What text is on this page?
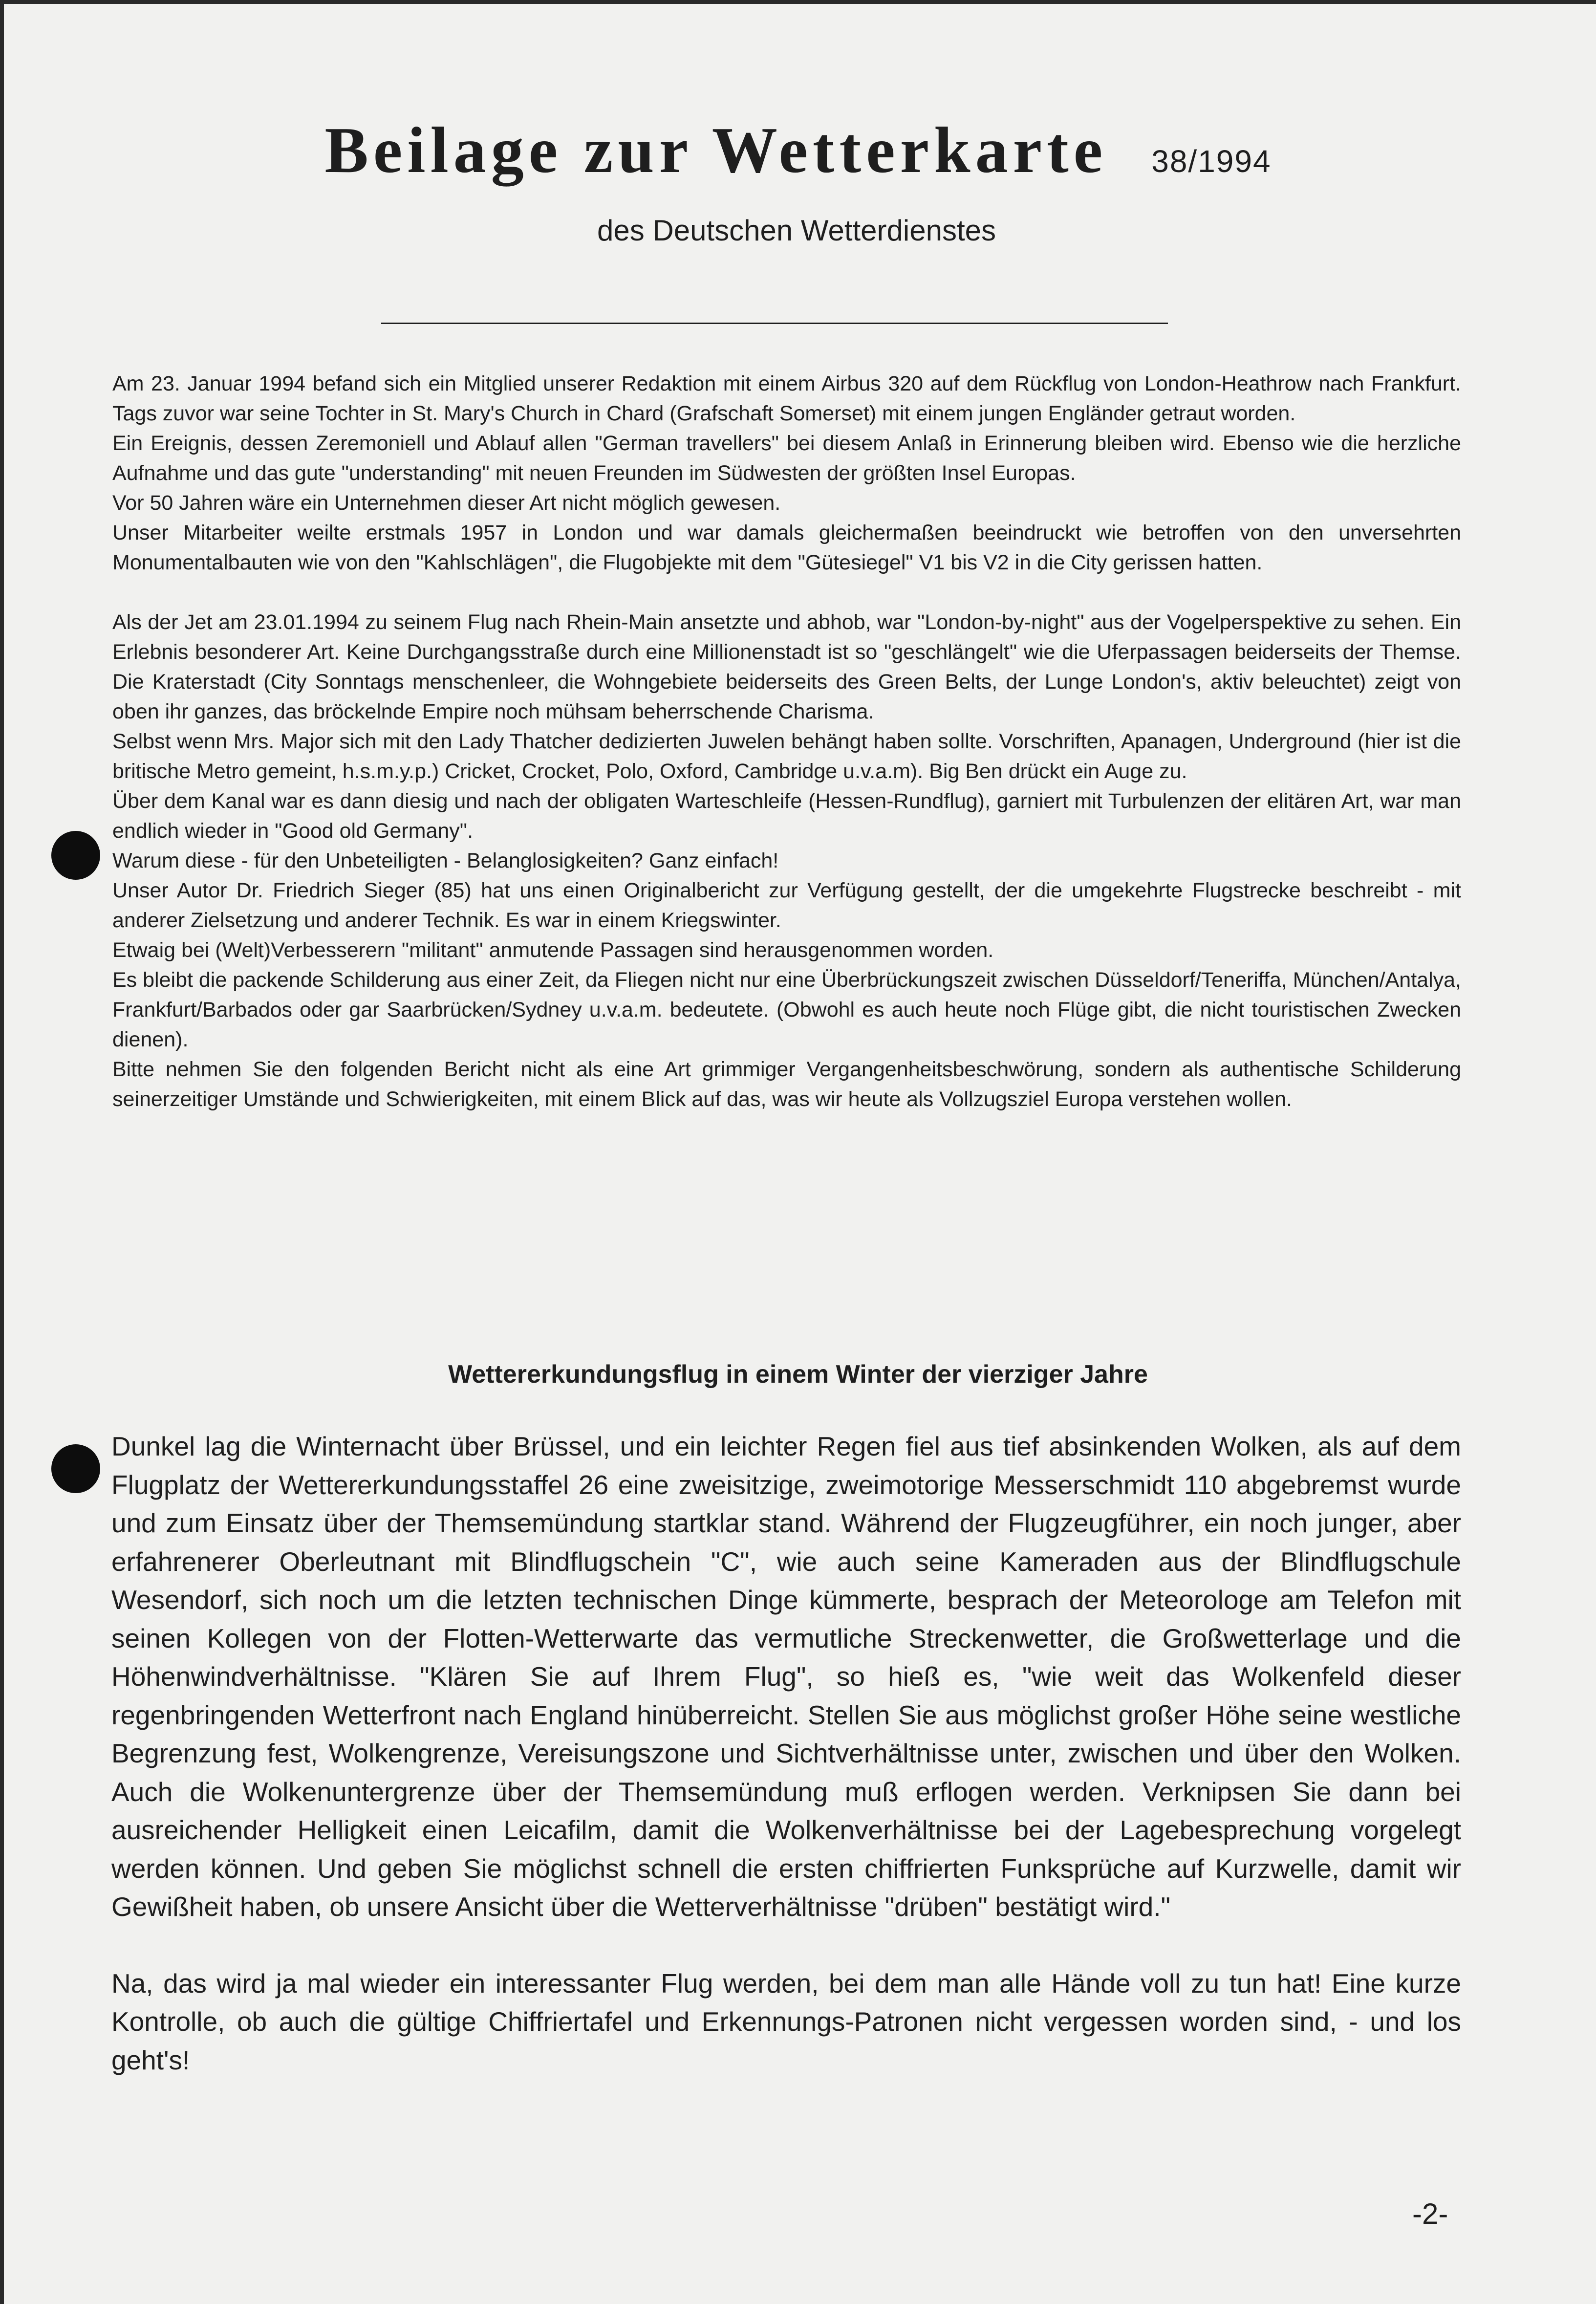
Beilage zur Wetterkarte 38/1994
des Deutschen Wetterdienstes

Am 23. Januar 1994 befand sich ein Mitglied unserer Redaktion mit einem Airbus 320 auf dem Rückflug von London-Heathrow nach Frankfurt. Tags zuvor war seine Tochter in St. Mary's Church in Chard (Grafschaft Somerset) mit einem jungen Engländer getraut worden.

Ein Ereignis, dessen Zeremoniell und Ablauf allen "German travellers" bei diesem Anlaß in Erinnerung bleiben wird. Ebenso wie die herzliche Aufnahme und das gute "understanding" mit neuen Freunden im Südwesten der größten Insel Europas.

Vor 50 Jahren wäre ein Unternehmen dieser Art nicht möglich gewesen.

Unser Mitarbeiter weilte erstmals 1957 in London und war damals gleichermaßen beeindruckt wie betroffen von den unversehrten Monumentalbauten wie von den "Kahlschlägen", die Flugobjekte mit dem "Gütesiegel" V1 bis V2 in die City gerissen hatten.

Als der Jet am 23.01.1994 zu seinem Flug nach Rhein-Main ansetzte und abhob, war "London-by-night" aus der Vogelperspektive zu sehen. Ein Erlebnis besonderer Art. Keine Durchgangsstraße durch eine Millionenstadt ist so "geschlängelt" wie die Uferpassagen beiderseits der Themse. Die Kraterstadt (City Sonntags menschenleer, die Wohngebiete beiderseits des Green Belts, der Lunge London's, aktiv beleuchtet) zeigt von oben ihr ganzes, das bröckelnde Empire noch mühsam beherrschende Charisma.

Selbst wenn Mrs. Major sich mit den Lady Thatcher dedizierten Juwelen behängt haben sollte. Vorschriften, Apanagen, Underground (hier ist die britische Metro gemeint, h.s.m.y.p.) Cricket, Crocket, Polo, Oxford, Cambridge u.v.a.m). Big Ben drückt ein Auge zu.

Über dem Kanal war es dann diesig und nach der obligaten Warteschleife (Hessen-Rundflug), garniert mit Turbulenzen der elitären Art, war man endlich wieder in "Good old Germany".

Warum diese - für den Unbeteiligten - Belanglosigkeiten? Ganz einfach!

Unser Autor Dr. Friedrich Sieger (85) hat uns einen Originalbericht zur Verfügung gestellt, der die umgekehrte Flugstrecke beschreibt - mit anderer Zielsetzung und anderer Technik. Es war in einem Kriegswinter.

Etwaig bei (Welt)Verbesserern "militant" anmutende Passagen sind herausgenommen worden.

Es bleibt die packende Schilderung aus einer Zeit, da Fliegen nicht nur eine Überbrückungszeit zwischen Düsseldorf/Teneriffa, München/Antalya, Frankfurt/Barbados oder gar Saarbrücken/Sydney u.v.a.m. bedeutete. (Obwohl es auch heute noch Flüge gibt, die nicht touristischen Zwecken dienen).

Bitte nehmen Sie den folgenden Bericht nicht als eine Art grimmiger Vergangenheitsbeschwörung, sondern als authentische Schilderung seinerzeitiger Umstände und Schwierigkeiten, mit einem Blick auf das, was wir heute als Vollzugsziel Europa verstehen wollen.

Wettererkundungsflug in einem Winter der vierziger Jahre

Dunkel lag die Winternacht über Brüssel, und ein leichter Regen fiel aus tief absinkenden Wolken, als auf dem Flugplatz der Wettererkundungsstaffel 26 eine zweisitzige, zweimotorige Messerschmidt 110 abgebremst wurde und zum Einsatz über der Themsemündung startklar stand. Während der Flugzeugführer, ein noch junger, aber erfahrenerer Oberleutnant mit Blindflugschein "C", wie auch seine Kameraden aus der Blindflugschule Wesendorf, sich noch um die letzten technischen Dinge kümmerte, besprach der Meteorologe am Telefon mit seinen Kollegen von der Flotten-Wetterwarte das vermutliche Streckenwetter, die Großwetterlage und die Höhenwindverhältnisse. "Klären Sie auf Ihrem Flug", so hieß es, "wie weit das Wolkenfeld dieser regenbringenden Wetterfront nach England hinüberreicht. Stellen Sie aus möglichst großer Höhe seine westliche Begrenzung fest, Wolkengrenze, Vereisungszone und Sichtverhältnisse unter, zwischen und über den Wolken. Auch die Wolkenuntergrenze über der Themsemündung muß erflogen werden. Verknipsen Sie dann bei ausreichender Helligkeit einen Leicafilm, damit die Wolkenverhältnisse bei der Lagebesprechung vorgelegt werden können. Und geben Sie möglichst schnell die ersten chiffrierten Funksprüche auf Kurzwelle, damit wir Gewißheit haben, ob unsere Ansicht über die Wetterverhältnisse "drüben" bestätigt wird."

Na, das wird ja mal wieder ein interessanter Flug werden, bei dem man alle Hände voll zu tun hat! Eine kurze Kontrolle, ob auch die gültige Chiffriertafel und Erkennungs-Patronen nicht vergessen worden sind, - und los geht's!

-2-
